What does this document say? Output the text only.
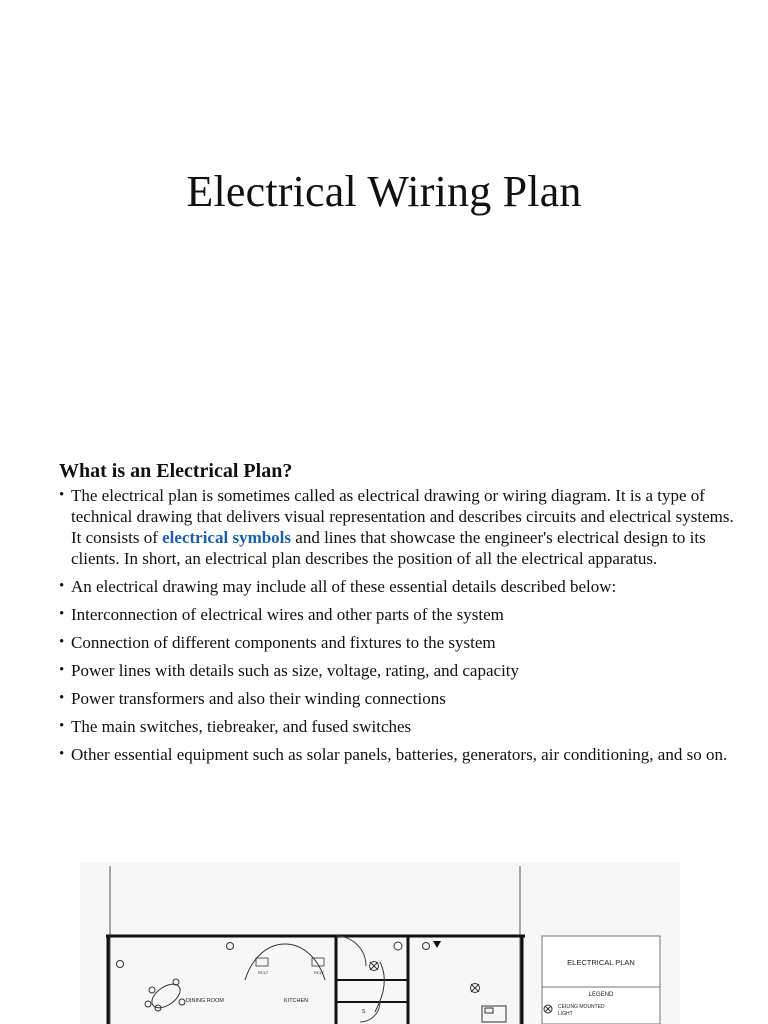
Electrical Wiring Plan
What is an Electrical Plan?
• The electrical plan is sometimes called as electrical drawing or wiring diagram. It is a type of technical drawing that delivers visual representation and describes circuits and electrical systems. It consists of electrical symbols and lines that showcase the engineer's electrical design to its clients. In short, an electrical plan describes the position of all the electrical apparatus.
• An electrical drawing may include all of these essential details described below:
• Interconnection of electrical wires and other parts of the system
• Connection of different components and fixtures to the system
• Power lines with details such as size, voltage, rating, and capacity
• Power transformers and also their winding connections
• The main switches, tiebreaker, and fused switches
• Other essential equipment such as solar panels, batteries, generators, air conditioning, and so on.
RCLT	RCLT
S
DINING ROOM	KITCHEN
ELECTRICAL PLAN
LEGEND
CEILING MOUNTED
LIGHT
